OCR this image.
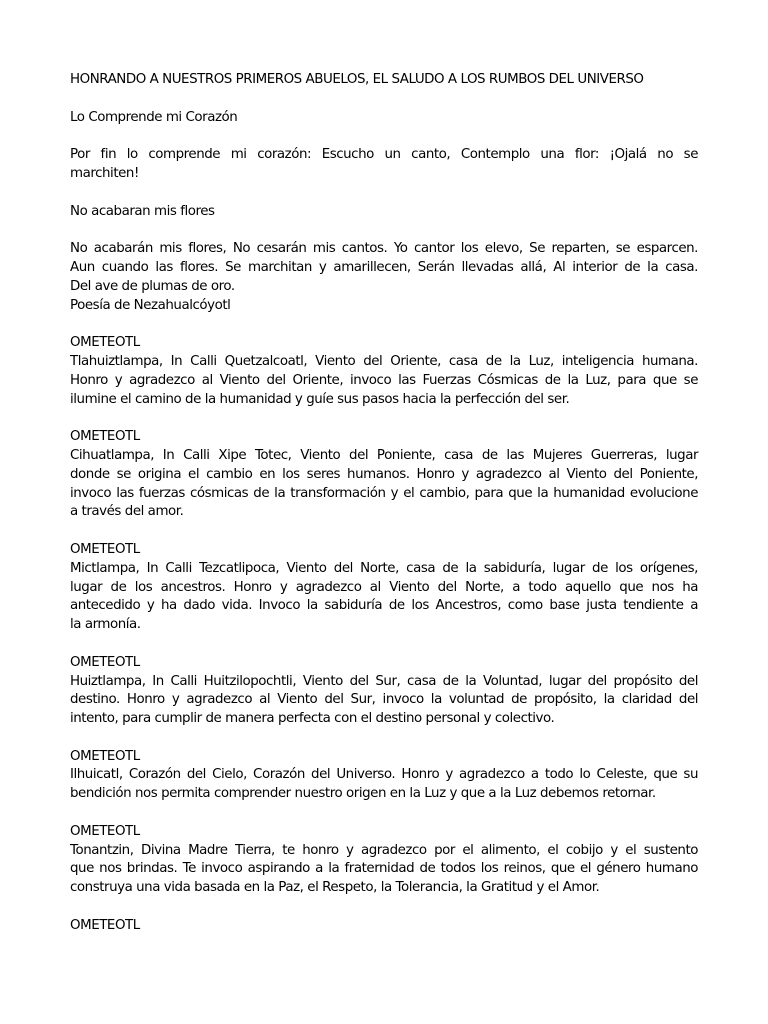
HONRANDO A NUESTROS PRIMEROS ABUELOS, EL SALUDO A LOS RUMBOS DEL UNIVERSO
Lo Comprende mi Corazón
Por fin lo comprende mi corazón: Escucho un canto, Contemplo una flor: ¡Ojalá no se
marchiten!
No acabaran mis flores
No acabarán mis flores, No cesarán mis cantos. Yo cantor los elevo, Se reparten, se esparcen.
Aun cuando las flores. Se marchitan y amarillecen, Serán llevadas allá, Al interior de la casa.
Del ave de plumas de oro.
Poesía de Nezahualcóyotl
OMETEOTL
Tlahuiztlampa, In Calli Quetzalcoatl, Viento del Oriente, casa de la Luz, inteligencia humana.
Honro y agradezco al Viento del Oriente, invoco las Fuerzas Cósmicas de la Luz, para que se
ilumine el camino de la humanidad y guíe sus pasos hacia la perfección del ser.
OMETEOTL
Cihuatlampa, In Calli Xipe Totec, Viento del Poniente, casa de las Mujeres Guerreras, lugar
donde se origina el cambio en los seres humanos. Honro y agradezco al Viento del Poniente,
invoco las fuerzas cósmicas de la transformación y el cambio, para que la humanidad evolucione
a través del amor.
OMETEOTL
Mictlampa, In Calli Tezcatlipoca, Viento del Norte, casa de la sabiduría, lugar de los orígenes,
lugar de los ancestros. Honro y agradezco al Viento del Norte, a todo aquello que nos ha
antecedido y ha dado vida. Invoco la sabiduría de los Ancestros, como base justa tendiente a
la armonía.
OMETEOTL
Huiztlampa, In Calli Huitzilopochtli, Viento del Sur, casa de la Voluntad, lugar del propósito del
destino. Honro y agradezco al Viento del Sur, invoco la voluntad de propósito, la claridad del
intento, para cumplir de manera perfecta con el destino personal y colectivo.
OMETEOTL
Ilhuicatl, Corazón del Cielo, Corazón del Universo. Honro y agradezco a todo lo Celeste, que su
bendición nos permita comprender nuestro origen en la Luz y que a la Luz debemos retornar.
OMETEOTL
Tonantzin, Divina Madre Tierra, te honro y agradezco por el alimento, el cobijo y el sustento
que nos brindas. Te invoco aspirando a la fraternidad de todos los reinos, que el género humano
construya una vida basada en la Paz, el Respeto, la Tolerancia, la Gratitud y el Amor.
OMETEOTL
